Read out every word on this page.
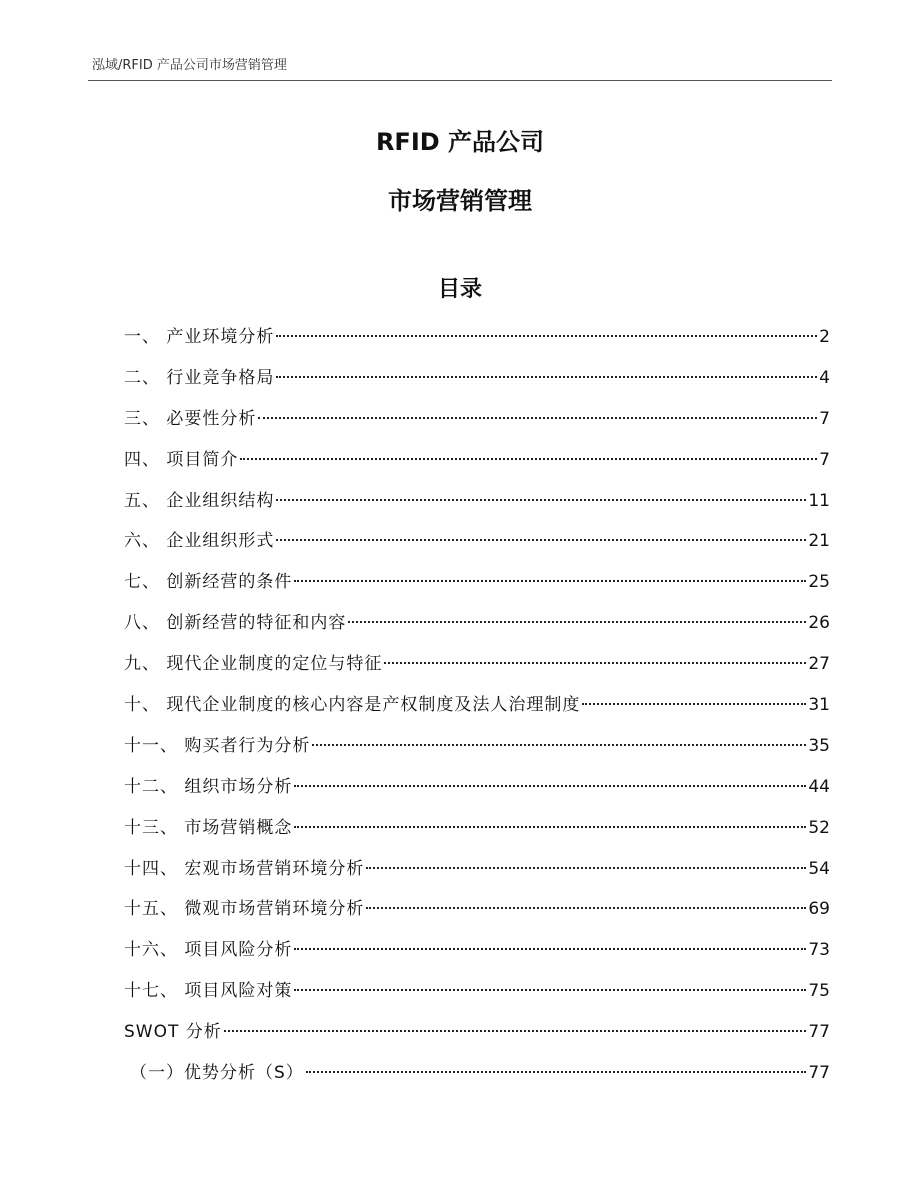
泓域/RFID 产品公司市场营销管理
RFID 产品公司
市场营销管理
目录
一、 产业环境分析	2
二、 行业竞争格局	4
三、 必要性分析	7
四、 项目简介	7
五、 企业组织结构	11
六、 企业组织形式	21
七、 创新经营的条件	25
八、 创新经营的特征和内容	26
九、 现代企业制度的定位与特征	27
十、 现代企业制度的核心内容是产权制度及法人治理制度	31
十一、 购买者行为分析	35
十二、 组织市场分析	44
十三、 市场营销概念	52
十四、 宏观市场营销环境分析	54
十五、 微观市场营销环境分析	69
十六、 项目风险分析	73
十七、 项目风险对策	75
SWOT 分析	77
（一）优势分析（S）	77
